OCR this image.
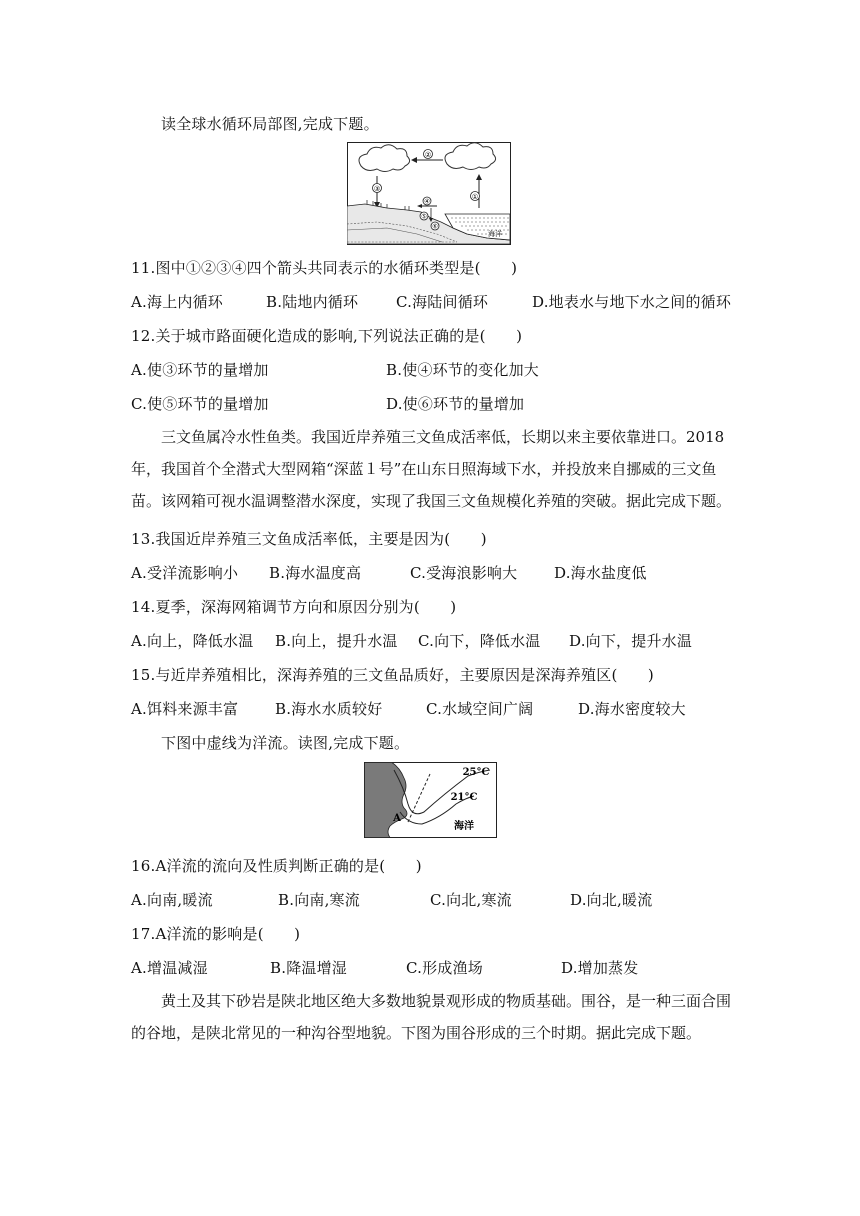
读全球水循环局部图,完成下题。
②
③
①
④
⑤
⑥
海洋
11.图中①②③④四个箭头共同表示的水循环类型是(　　)
A.海上内循环	B.陆地内循环	C.海陆间循环	D.地表水与地下水之间的循环
12.关于城市路面硬化造成的影响,下列说法正确的是(　　)
A.使③环节的量增加	B.使④环节的变化加大
C.使⑤环节的量增加	D.使⑥环节的量增加
三文鱼属冷水性鱼类。我国近岸养殖三文鱼成活率低，长期以来主要依靠进口。2018年，我国首个全潜式大型网箱“深蓝１号”在山东日照海域下水，并投放来自挪威的三文鱼苗。该网箱可视水温调整潜水深度，实现了我国三文鱼规模化养殖的突破。据此完成下题。
13.我国近岸养殖三文鱼成活率低，主要是因为(　　)
A.受洋流影响小 B.海水温度高	C.受海浪影响大 D.海水盐度低
14.夏季，深海网箱调节方向和原因分别为(　　)
A.向上，降低水温 B.向上，提升水温 C.向下，降低水温 D.向下，提升水温
15.与近岸养殖相比，深海养殖的三文鱼品质好，主要原因是深海养殖区(　　)
A.饵料来源丰富 B.海水水质较好	C.水域空间广阔	D.海水密度较大
下图中虚线为洋流。读图,完成下题。
25°C
21°C
A
海洋
16.A洋流的流向及性质判断正确的是(　　)
A.向南,暖流	B.向南,寒流	C.向北,寒流	D.向北,暖流
17.A洋流的影响是(　　)
A.增温减湿	B.降温增湿	C.形成渔场	D.增加蒸发
黄土及其下砂岩是陕北地区绝大多数地貌景观形成的物质基础。围谷，是一种三面合围的谷地，是陕北常见的一种沟谷型地貌。下图为围谷形成的三个时期。据此完成下题。
